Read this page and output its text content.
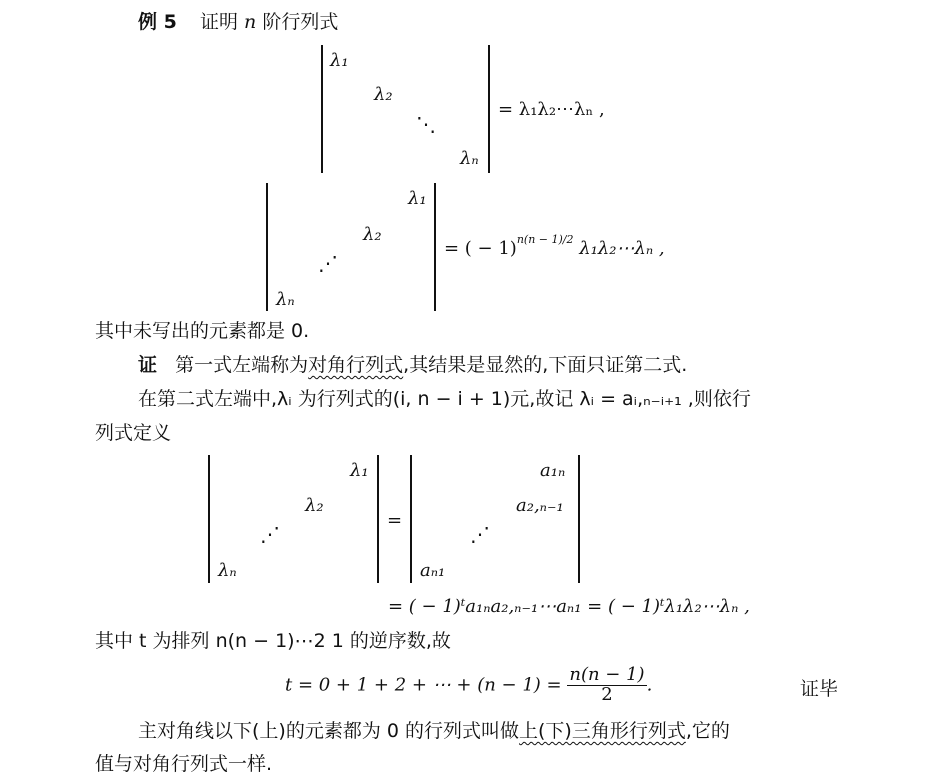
例 5 证明 n 阶行列式
λ₁
λ₂
⋱
λₙ
= λ₁λ₂⋯λₙ ,
λ₁
λ₂
⋰
λₙ
= ( − 1)$^{n(n - 1)/2}$ λ₁λ₂⋯λₙ ,
其中未写出的元素都是 0.
证 第一式左端称为对角行列式,其结果是显然的,下面只证第二式.
在第二式左端中,λᵢ 为行列式的(i, n − i + 1)元,故记 λᵢ = aᵢ,ₙ₋ᵢ₊₁ ,则依行
列式定义
λ₁
λ₂
⋰
λₙ
=
a₁ₙ
a₂,ₙ₋₁
⋰
aₙ₁
= ( − 1)ᵗa₁ₙa₂,ₙ₋₁⋯aₙ₁ = ( − 1)ᵗλ₁λ₂⋯λₙ ,
其中 t 为排列 n(n − 1)⋯2 1 的逆序数,故
t = 0 + 1 + 2 + ⋯ + $(n - 1) = \frac{n(n - 1)}{2}$ .	证毕
主对角线以下(上)的元素都为 0 的行列式叫做上(下)三角形行列式,它的
值与对角行列式一样.
